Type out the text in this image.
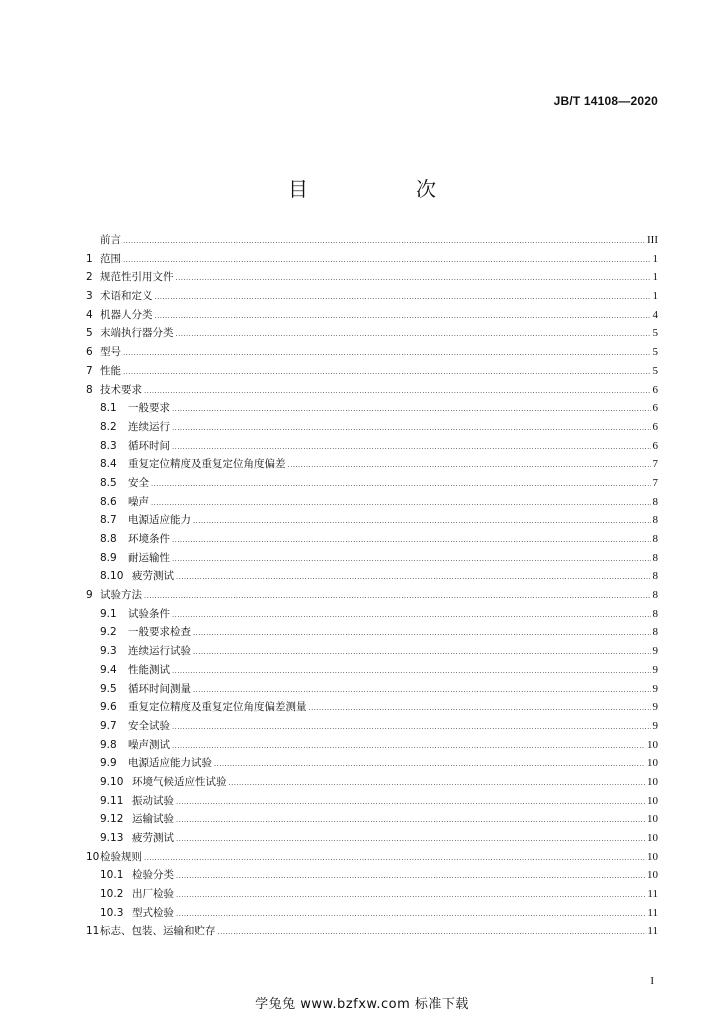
JB/T 14108—2020
目　次
前言 .....	III
1 范围 .....	1
2 规范性引用文件 .....	1
3 术语和定义 .....	1
4 机器人分类 .....	4
5 末端执行器分类 .....	5
6 型号 .....	5
7 性能 .....	5
8 技术要求 .....	6
8.1	一般要求 .....	6
8.2	连续运行 .....	6
8.3	循环时间 .....	6
8.4	重复定位精度及重复定位角度偏差 .....	7
8.5	安全 .....	7
8.6	噪声 .....	8
8.7	电源适应能力 .....	8
8.8	环境条件 .....	8
8.9	耐运输性 .....	8
8.10 疲劳测试 .....	8
9 试验方法 .....	8
9.1	试验条件 .....	8
9.2	一般要求检查 .....	8
9.3	连续运行试验 .....	9
9.4	性能测试 .....	9
9.5	循环时间测量 .....	9
9.6	重复定位精度及重复定位角度偏差测量 .....	9
9.7	安全试验 .....	9
9.8	噪声测试 .....	10
9.9	电源适应能力试验 .....	10
9.10 环境气候适应性试验 .....	10
9.11 振动试验 .....	10
9.12 运输试验 .....	10
9.13 疲劳测试 .....	10
10 检验规则 .....	10
10.1 检验分类 .....	10
10.2 出厂检验 .....	11
10.3 型式检验 .....	11
11 标志、包装、运输和贮存 .....	11
I
学兔兔 www.bzfxw.com 标准下载
